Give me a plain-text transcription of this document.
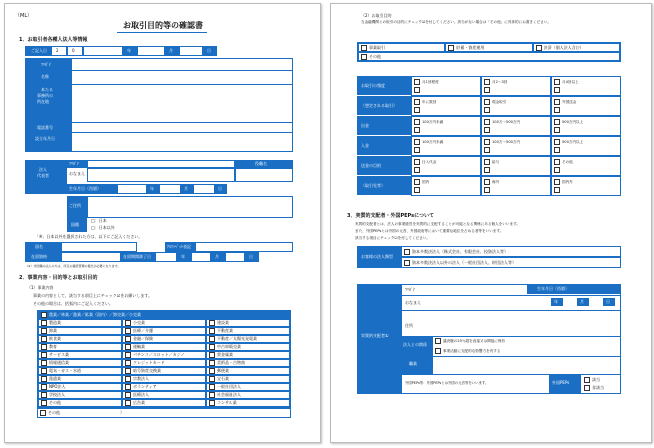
（ML）
お取引目的等の確認書
1．お取引者各種人法人等情報
ご記入日 2	0	年	月	日
ﾌﾘｶﾞﾅ
名称
本たる
事務所の
所在地
電話番号
設立年月日
法人
代表者
ﾌﾘｶﾞﾅ
おなまえ
役職名
生年月日（西暦）	年	月	日
ご住所
国籍
□：日本
□：日本以外
「※」日本以外を選択された方は、以下にご記入ください。
国名	ｱﾙﾌｧﾍﾞｯﾄ表記
在留資格	在留期間満了日	年	月	日
（※）米国籍の法人の方は、所定の確認書類の提出が必要になります。
2．事業内容・目的等とお取引目的
（1）事業内容
事業の内容として、該当する項目上にチェック☑をお願いします。
その他の場合は、括弧内にご記入ください。
農業／林業／漁業／鉱業（国内）／卸売業／小売業
製造業	小売業	建設業
卸業	医療／介護	不動産業
飲食業	金融／保険	不動産／太陽光発電業
教育	運輸業	中古車販売業
サービス業	パチンコ／スロット／カジノ	貴金属業
情報通信業	クレジットカード	美術品・古物商
電気・ガス・水道	暗号資産交換業	郵便業
派遣業	宗教法人	宝石業
NPO法人	ボランティア	一般社団法人
学校法人	医療法人	社会福祉法人
その他	広告業	コンサル業
その他	）
（2）お取引目的
当金融機関との取引の目的にチェック☑を付してください。該当がない場合は「その他」に具体的にお書きください。
事業取引	貯蓄・資産運用	決済（個人法人含む）
その他
お取引の頻度
月1回程度	月2～3回	月4回以上
（想定される取引）
年に数回	現金取引	外国送金
出金
100万円未満	100万～500万円	500万円以上
入金
100万円未満	100万～500万円	500万円以上
送金の目的
仕入代金	給与	その他
（取引先等）
国内	海外	国内外
3．実質的支配者・外国PEPsについて
実質的支配者とは、法人の事業経営を実質的に支配することが可能となる関係にある個人をいいます。
また、外国PEPsとは外国の元首、外国政府等において重要な地位を占める者等をいいます。
該当する項目にチェック☑を付してください。
お客様の法人類型
資本多数決法人（株式会社、有限会社、投資法人等）
資本多数決法人以外の法人（一般社団法人、財団法人等）
実質的支配者①
ﾌﾘｶﾞﾅ
おなまえ
生年月日（西暦）
年	月	日
住所
法人との関係
議決権の25％超を直接又は間接に保有
事業活動に支配的な影響力を有する
職業
外国PEPs
該当
非該当
外国PEPs等：外国PEPsとは外国の元首等をいいます。
